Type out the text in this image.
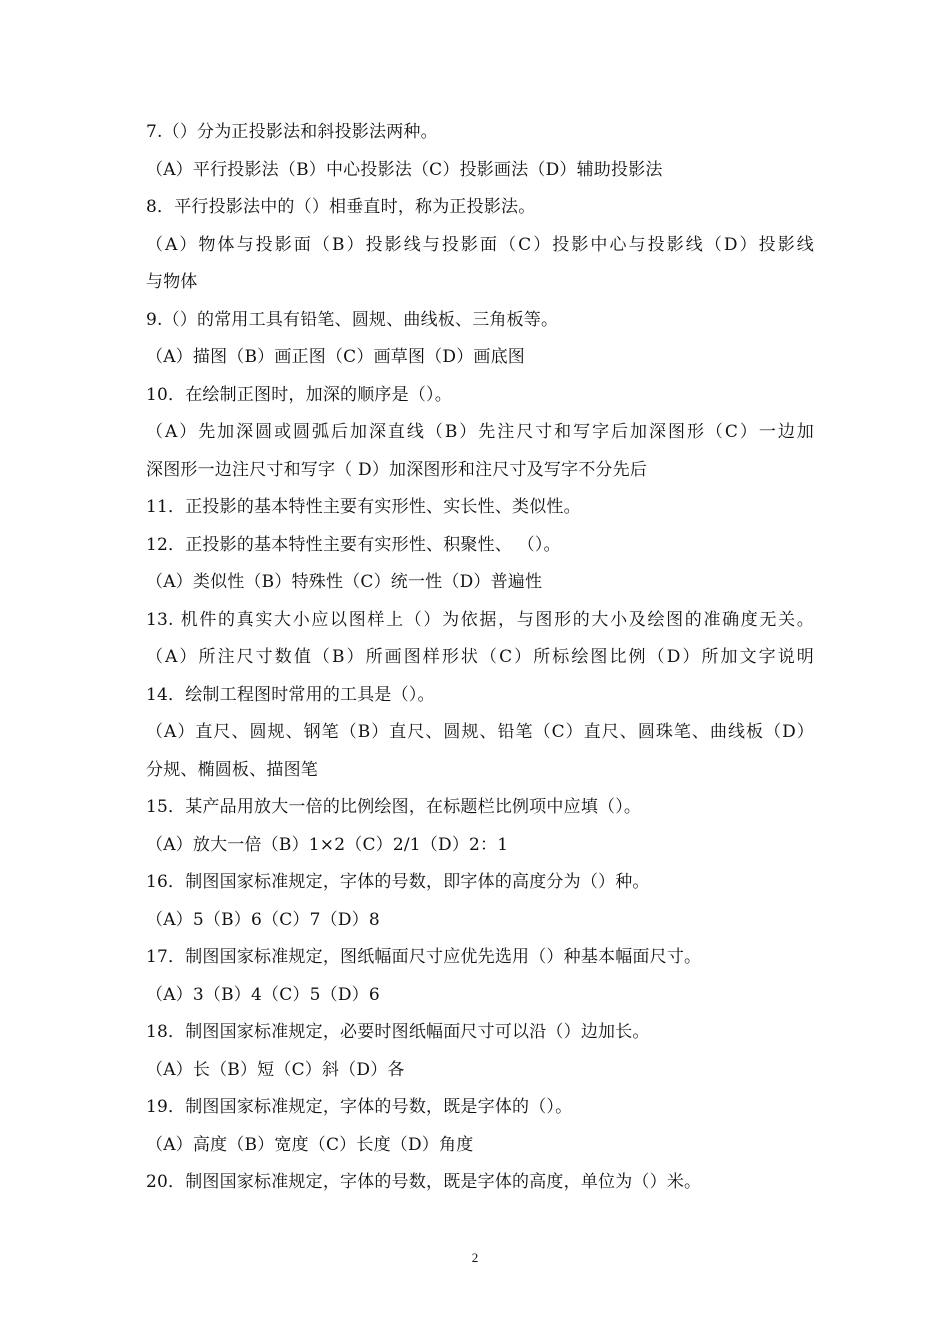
7.（）分为正投影法和斜投影法两种。
（A）平行投影法（B）中心投影法（C）投影画法（D）辅助投影法
8．平行投影法中的（）相垂直时，称为正投影法。
（A）物体与投影面（B）投影线与投影面（C）投影中心与投影线（D）投影线
与物体
9.（）的常用工具有铅笔、圆规、曲线板、三角板等。
（A）描图（B）画正图（C）画草图（D）画底图
10．在绘制正图时，加深的顺序是（）。
（A）先加深圆或圆弧后加深直线（B）先注尺寸和写字后加深图形（C）一边加
深图形一边注尺寸和写字（ D）加深图形和注尺寸及写字不分先后
11．正投影的基本特性主要有实形性、实长性、类似性。
12．正投影的基本特性主要有实形性、积聚性、 （）。
（A）类似性（B）特殊性（C）统一性（D）普遍性
13. 机件的真实大小应以图样上（）为依据，与图形的大小及绘图的准确度无关。
（A）所注尺寸数值（B）所画图样形状（C）所标绘图比例（D）所加文字说明
14．绘制工程图时常用的工具是（）。
（A）直尺、圆规、钢笔（B）直尺、圆规、铅笔（C）直尺、圆珠笔、曲线板（D）
分规、椭圆板、描图笔
15．某产品用放大一倍的比例绘图，在标题栏比例项中应填（）。
（A）放大一倍（B）1×2（C）2/1（D）2：1
16．制图国家标准规定，字体的号数，即字体的高度分为（）种。
（A）5（B）6（C）7（D）8
17．制图国家标准规定，图纸幅面尺寸应优先选用（）种基本幅面尺寸。
（A）3（B）4（C）5（D）6
18．制图国家标准规定，必要时图纸幅面尺寸可以沿（）边加长。
（A）长（B）短（C）斜（D）各
19．制图国家标准规定，字体的号数，既是字体的（）。
（A）高度（B）宽度（C）长度（D）角度
20．制图国家标准规定，字体的号数，既是字体的高度，单位为（）米。
2
